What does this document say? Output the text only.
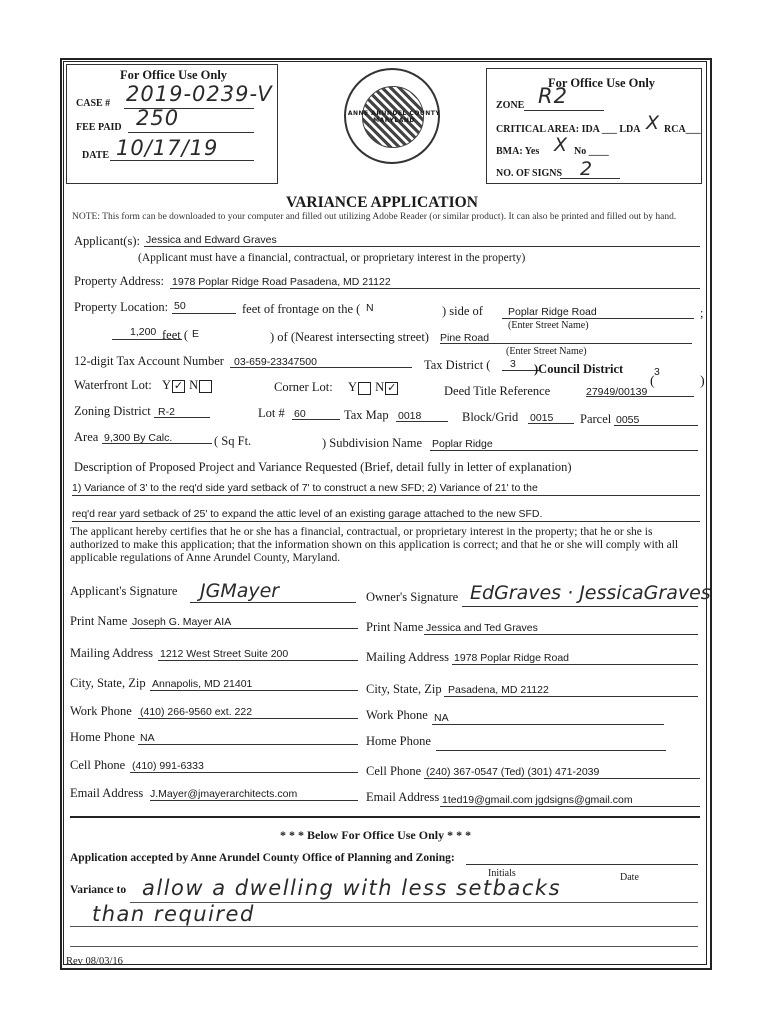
For Office Use Only
CASE # 2019-0239-V
FEE PAID 250
DATE 10/17/19
ANNE ARUNDEL COUNTY MARYLAND
For Office Use Only
ZONE R2
CRITICAL AREA: IDA ___ LDA X RCA___
BMA: Yes X No ____
NO. OF SIGNS 2
VARIANCE APPLICATION
NOTE: This form can be downloaded to your computer and filled out utilizing Adobe Reader (or similar product). It can also be printed and filled out by hand.
Applicant(s): Jessica and Edward Graves
(Applicant must have a financial, contractual, or proprietary interest in the property)
Property Address: 1978 Poplar Ridge Road Pasadena, MD 21122
Property Location: 50	feet of frontage on the ( N	) side of Poplar Ridge Road	;
(Enter Street Name)
1,200 feet ( E	) of (Nearest intersecting street) Pine Road
(Enter Street Name)
12-digit Tax Account Number 03-659-23347500	Tax District ( 3 )Council District	3
(	)
Waterfront Lot: Y ✓ N	Corner Lot: Y N ✓	Deed Title Reference	27949/00139
Zoning District R-2	Lot # 60	Tax Map 0018	Block/Grid 0015 Parcel 0055
Area 9,300 By Calc.	( Sq Ft.	) Subdivision Name Poplar Ridge
Description of Proposed Project and Variance Requested (Brief, detail fully in letter of explanation)
1) Variance of 3' to the req'd side yard setback of 7' to construct a new SFD; 2) Variance of 21' to the
req'd rear yard setback of 25' to expand the attic level of an existing garage attached to the new SFD.
The applicant hereby certifies that he or she has a financial, contractual, or proprietary interest in the property; that he or she is authorized to make this application; that the information shown on this application is correct; and that he or she will comply with all applicable regulations of Anne Arundel County, Maryland.
Applicant's Signature JGMayer
Print Name Joseph G. Mayer AIA
Mailing Address 1212 West Street Suite 200
City, State, Zip Annapolis, MD 21401
Work Phone (410) 266-9560 ext. 222
Home Phone NA
Cell Phone (410) 991-6333
Email Address J.Mayer@jmayerarchitects.com
Owner's Signature EdGraves · JessicaGraves
Print Name Jessica and Ted Graves
Mailing Address 1978 Poplar Ridge Road
City, State, Zip Pasadena, MD 21122
Work Phone NA
Home Phone
Cell Phone (240) 367-0547 (Ted) (301) 471-2039
Email Address 1ted19@gmail.com jgdsigns@gmail.com
* * * Below For Office Use Only * * *
Application accepted by Anne Arundel County Office of Planning and Zoning:
Initials	Date
Variance to allow a dwelling with less setbacks
than required
Rev 08/03/16
